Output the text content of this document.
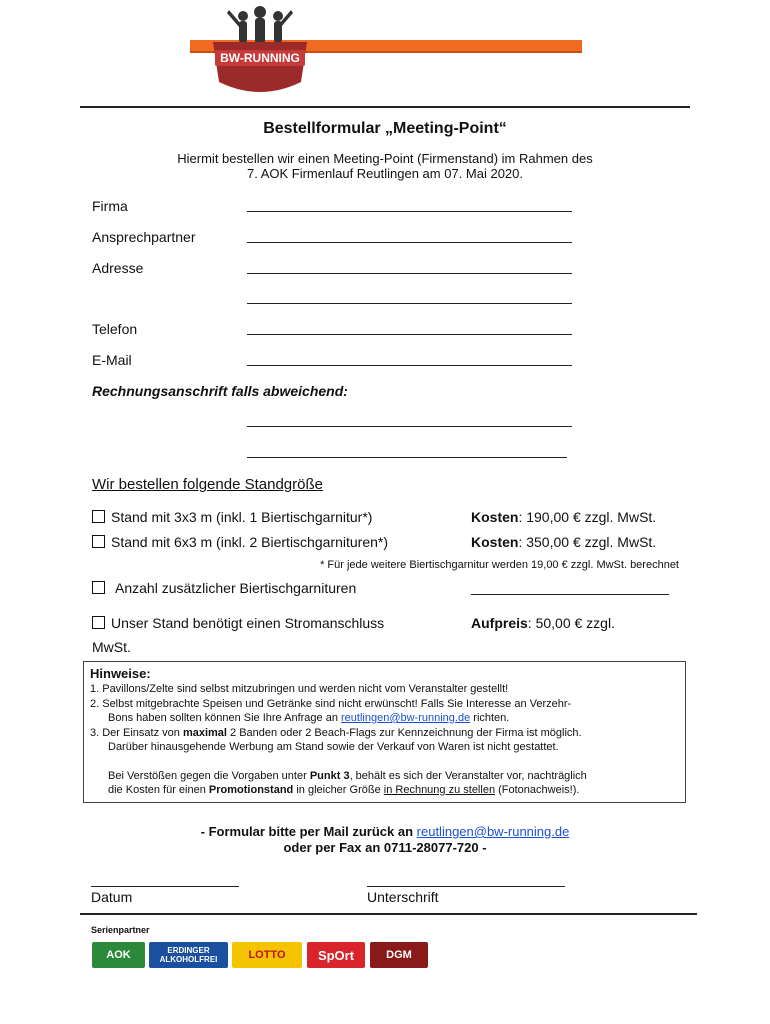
BW-RUNNING
Bestellformular „Meeting-Point“
Hiermit bestellen wir einen Meeting-Point (Firmenstand) im Rahmen des
7. AOK Firmenlauf Reutlingen am 07. Mai 2020.
Firma
Ansprechpartner
Adresse
Telefon
E-Mail
Rechnungsanschrift falls abweichend:
Wir bestellen folgende Standgröße
Stand mit 3x3 m (inkl. 1 Biertischgarnitur*)	Kosten: 190,00 € zzgl. MwSt.
Stand mit 6x3 m (inkl. 2 Biertischgarnituren*)	Kosten: 350,00 € zzgl. MwSt.
* Für jede weitere Biertischgarnitur werden 19,00 € zzgl. MwSt. berechnet
Anzahl zusätzlicher Biertischgarnituren
Unser Stand benötigt einen Stromanschluss	Aufpreis: 50,00 € zzgl.
MwSt.
Hinweise:
1. Pavillons/Zelte sind selbst mitzubringen und werden nicht vom Veranstalter gestellt!
2. Selbst mitgebrachte Speisen und Getränke sind nicht erwünscht! Falls Sie Interesse an Verzehr-
Bons haben sollten können Sie Ihre Anfrage an reutlingen@bw-running.de richten.
3. Der Einsatz von maximal 2 Banden oder 2 Beach-Flags zur Kennzeichnung der Firma ist möglich.
Darüber hinausgehende Werbung am Stand sowie der Verkauf von Waren ist nicht gestattet.
Bei Verstößen gegen die Vorgaben unter Punkt 3, behält es sich der Veranstalter vor, nachträglich
die Kosten für einen Promotionstand in gleicher Größe in Rechnung zu stellen (Fotonachweis!).
- Formular bitte per Mail zurück an reutlingen@bw-running.de
oder per Fax an 0711-28077-720 -
Datum	Unterschrift
Serienpartner
AOK	ERDINGER ALKOHOLFREI	LOTTO	SpOrt	DGM
